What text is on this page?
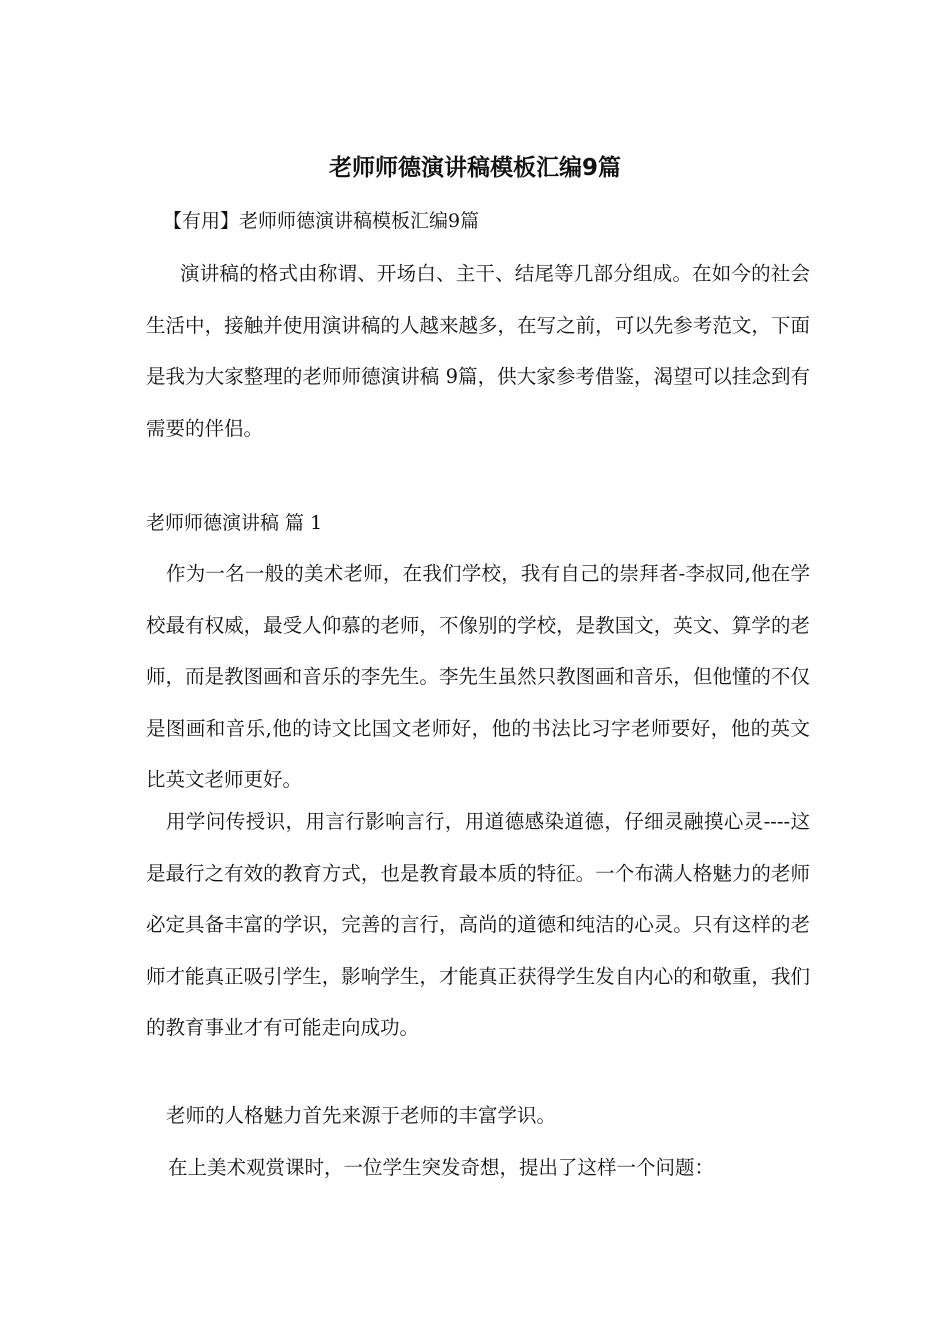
老师师德演讲稿模板汇编9篇

【有用】老师师德演讲稿模板汇编9篇

演讲稿的格式由称谓、开场白、主干、结尾等几部分组成。在如今的社会生活中，接触并使用演讲稿的人越来越多，在写之前，可以先参考范文，下面是我为大家整理的老师师德演讲稿 9篇，供大家参考借鉴，渴望可以挂念到有需要的伴侣。

老师师德演讲稿 篇 1

作为一名一般的美术老师，在我们学校，我有自己的崇拜者-李叔同,他在学校最有权威，最受人仰慕的老师，不像别的学校，是教国文，英文、算学的老师，而是教图画和音乐的李先生。李先生虽然只教图画和音乐，但他懂的不仅是图画和音乐,他的诗文比国文老师好，他的书法比习字老师要好，他的英文比英文老师更好。

用学问传授识，用言行影响言行，用道德感染道德，仔细灵融摸心灵----这是最行之有效的教育方式，也是教育最本质的特征。一个布满人格魅力的老师必定具备丰富的学识，完善的言行，高尚的道德和纯洁的心灵。只有这样的老师才能真正吸引学生，影响学生，才能真正获得学生发自内心的和敬重，我们的教育事业才有可能走向成功。

老师的人格魅力首先来源于老师的丰富学识。

在上美术观赏课时，一位学生突发奇想，提出了这样一个问题：
